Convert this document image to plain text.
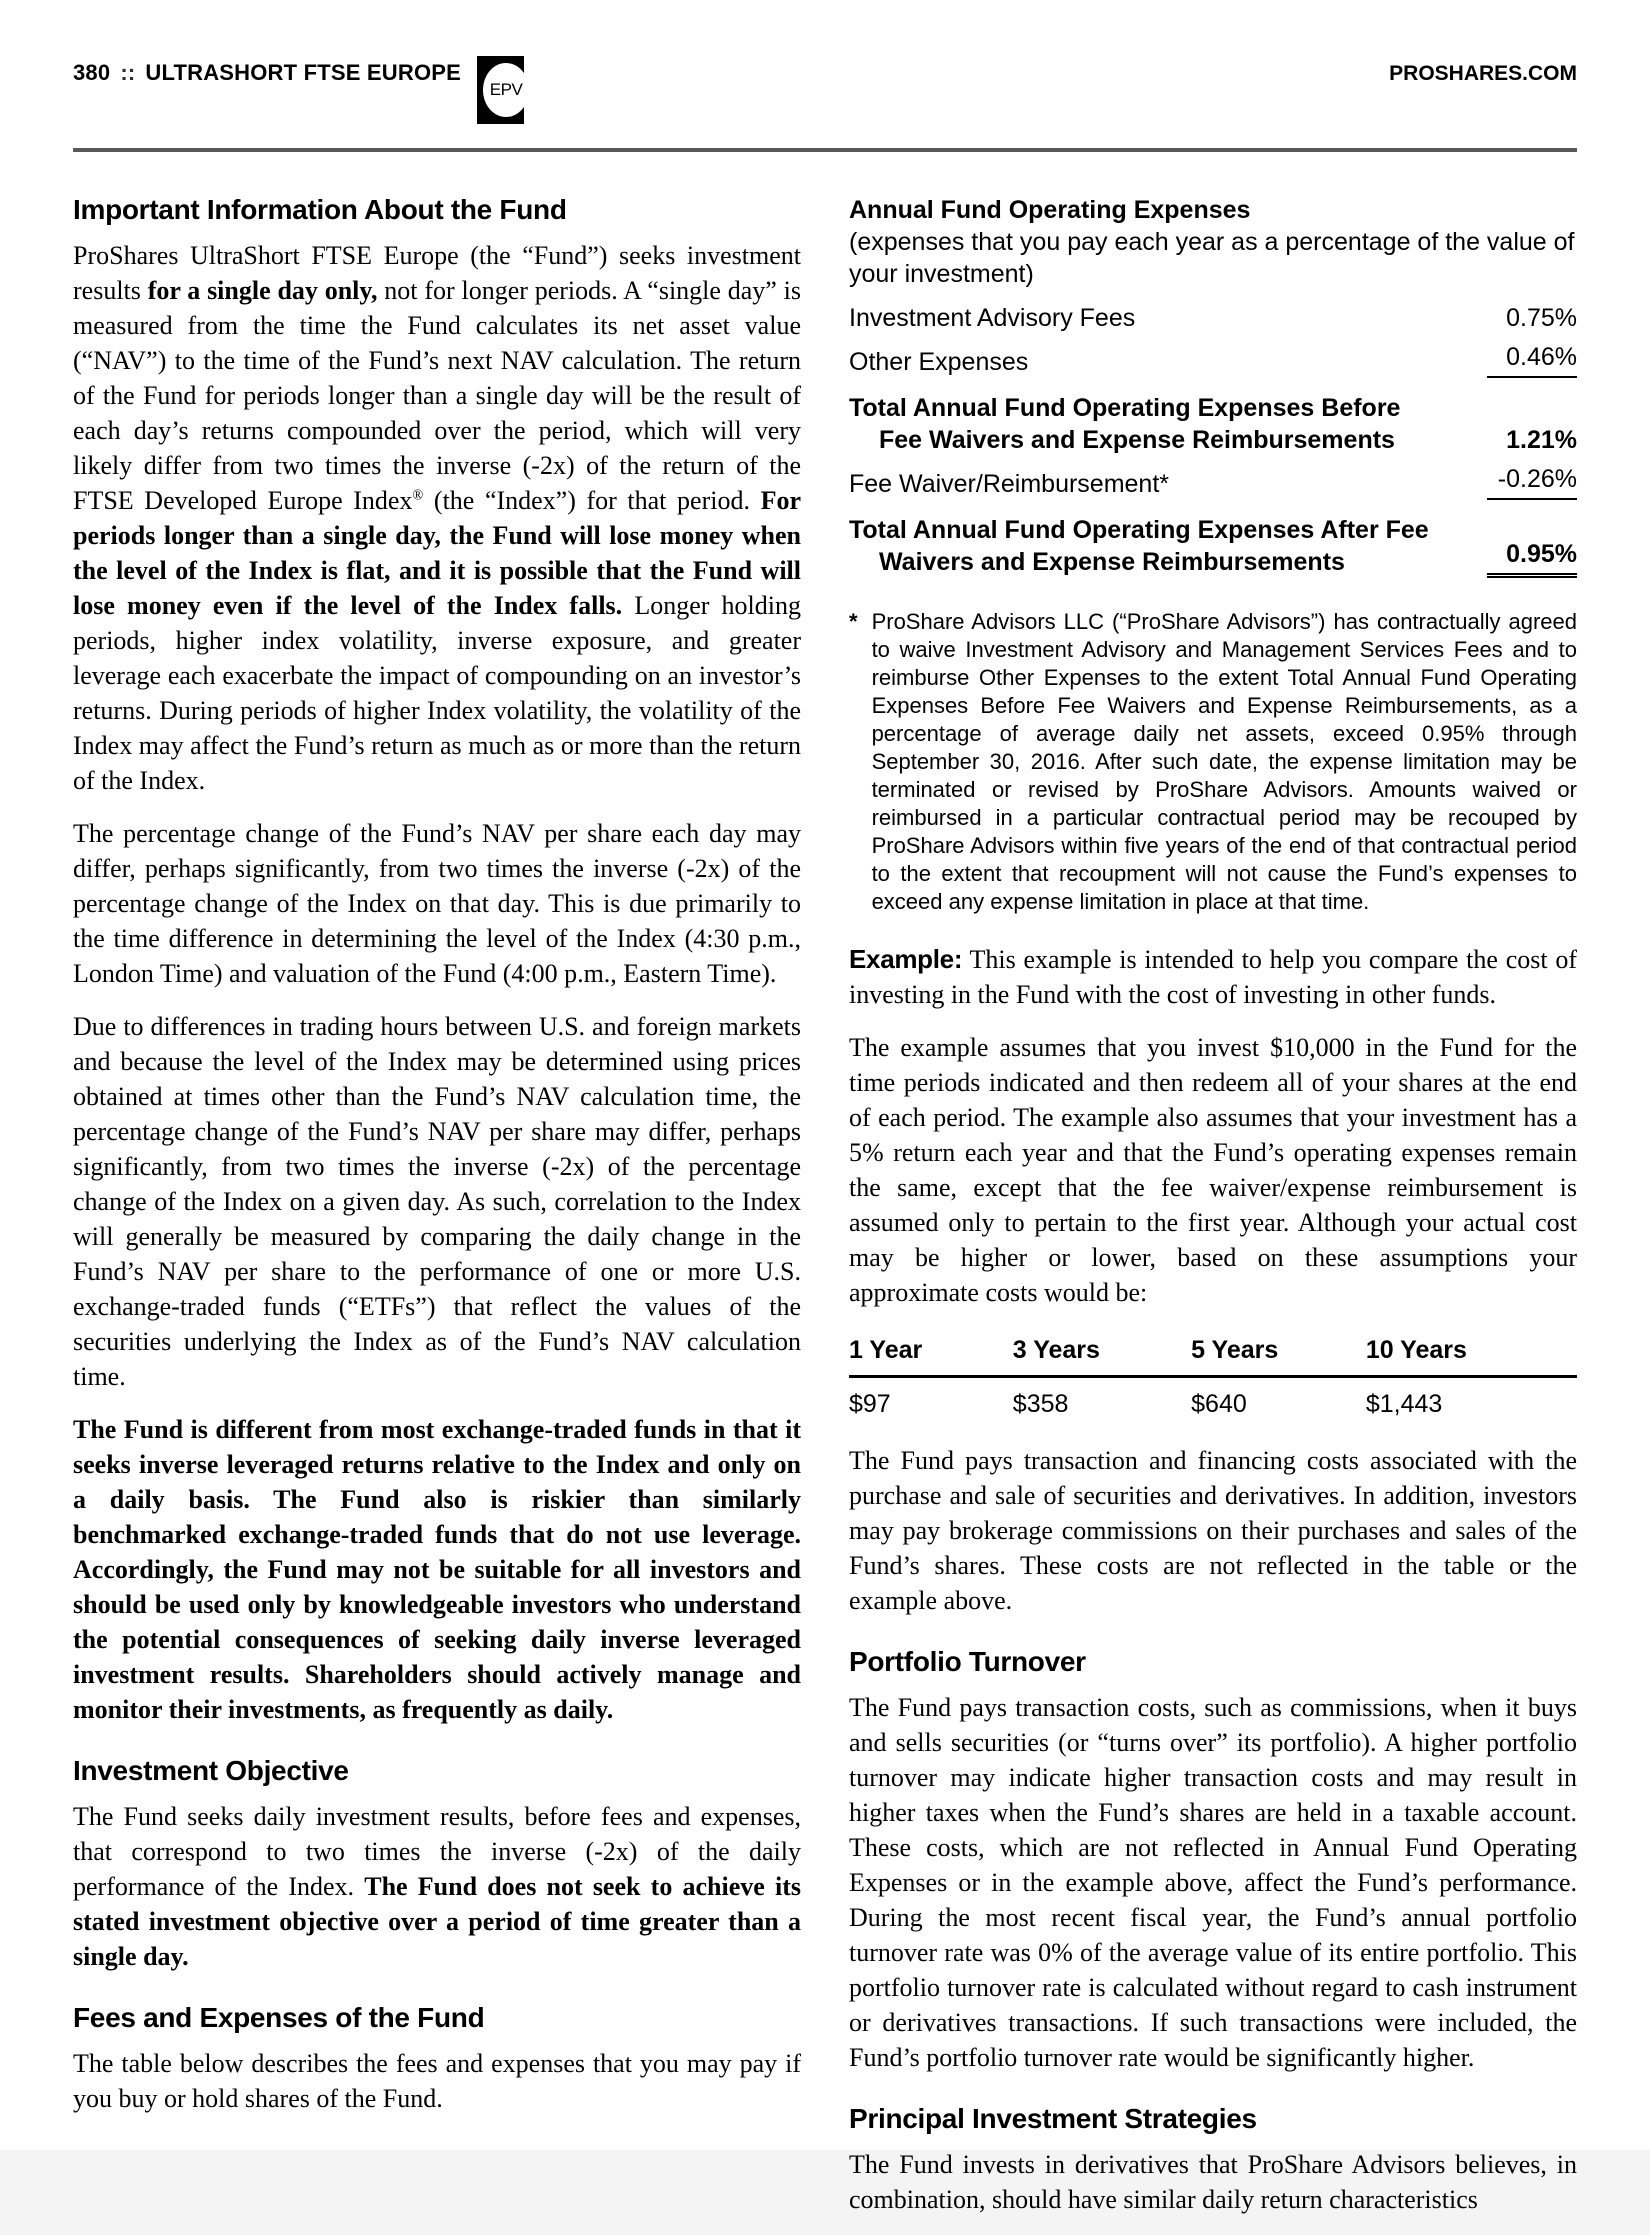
380 :: ULTRASHORT FTSE EUROPE
EPV
PROSHARES.COM
Important Information About the Fund

ProShares UltraShort FTSE Europe (the “Fund”) seeks investment results for a single day only, not for longer periods. A “single day” is measured from the time the Fund calculates its net asset value (“NAV”) to the time of the Fund’s next NAV calculation. The return of the Fund for periods longer than a single day will be the result of each day’s returns compounded over the period, which will very likely differ from two times the inverse (-2x) of the return of the FTSE Developed Europe Index® (the “Index”) for that period. For periods longer than a single day, the Fund will lose money when the level of the Index is flat, and it is possible that the Fund will lose money even if the level of the Index falls. Longer holding periods, higher index volatility, inverse exposure, and greater leverage each exacerbate the impact of compounding on an investor’s returns. During periods of higher Index volatility, the volatility of the Index may affect the Fund’s return as much as or more than the return of the Index.

The percentage change of the Fund’s NAV per share each day may differ, perhaps significantly, from two times the inverse (-2x) of the percentage change of the Index on that day. This is due primarily to the time difference in determining the level of the Index (4:30 p.m., London Time) and valuation of the Fund (4:00 p.m., Eastern Time).

Due to differences in trading hours between U.S. and foreign markets and because the level of the Index may be determined using prices obtained at times other than the Fund’s NAV calculation time, the percentage change of the Fund’s NAV per share may differ, perhaps significantly, from two times the inverse (-2x) of the percentage change of the Index on a given day. As such, correlation to the Index will generally be measured by comparing the daily change in the Fund’s NAV per share to the performance of one or more U.S. exchange-traded funds (“ETFs”) that reflect the values of the securities underlying the Index as of the Fund’s NAV calculation time.

The Fund is different from most exchange-traded funds in that it seeks inverse leveraged returns relative to the Index and only on a daily basis. The Fund also is riskier than similarly benchmarked exchange-traded funds that do not use leverage. Accordingly, the Fund may not be suitable for all investors and should be used only by knowledgeable investors who understand the potential consequences of seeking daily inverse leveraged investment results. Shareholders should actively manage and monitor their investments, as frequently as daily.

Investment Objective

The Fund seeks daily investment results, before fees and expenses, that correspond to two times the inverse (-2x) of the daily performance of the Index. The Fund does not seek to achieve its stated investment objective over a period of time greater than a single day.

Fees and Expenses of the Fund

The table below describes the fees and expenses that you may pay if you buy or hold shares of the Fund.

Annual Fund Operating Expenses

(expenses that you pay each year as a percentage of the value of your investment)

Investment Advisory Fees	0.75%
Other Expenses	0.46%
Total Annual Fund Operating Expenses Before
Fee Waivers and Expense Reimbursements	1.21%
Fee Waiver/Reimbursement*	-0.26%
Total Annual Fund Operating Expenses After Fee
Waivers and Expense Reimbursements	0.95%
* ProShare Advisors LLC (“ProShare Advisors”) has contractually agreed to waive Investment Advisory and Management Services Fees and to reimburse Other Expenses to the extent Total Annual Fund Operating Expenses Before Fee Waivers and Expense Reimbursements, as a percentage of average daily net assets, exceed 0.95% through September 30, 2016. After such date, the expense limitation may be terminated or revised by ProShare Advisors. Amounts waived or reimbursed in a particular contractual period may be recouped by ProShare Advisors within five years of the end of that contractual period to the extent that recoupment will not cause the Fund’s expenses to exceed any expense limitation in place at that time.

Example: This example is intended to help you compare the cost of investing in the Fund with the cost of investing in other funds.

The example assumes that you invest $10,000 in the Fund for the time periods indicated and then redeem all of your shares at the end of each period. The example also assumes that your investment has a 5% return each year and that the Fund’s operating expenses remain the same, except that the fee waiver/expense reimbursement is assumed only to pertain to the first year. Although your actual cost may be higher or lower, based on these assumptions your approximate costs would be:

1 Year	3 Years	5 Years	10 Years
$97	$358	$640	$1,443

The Fund pays transaction and financing costs associated with the purchase and sale of securities and derivatives. In addition, investors may pay brokerage commissions on their purchases and sales of the Fund’s shares. These costs are not reflected in the table or the example above.

Portfolio Turnover

The Fund pays transaction costs, such as commissions, when it buys and sells securities (or “turns over” its portfolio). A higher portfolio turnover may indicate higher transaction costs and may result in higher taxes when the Fund’s shares are held in a taxable account. These costs, which are not reflected in Annual Fund Operating Expenses or in the example above, affect the Fund’s performance. During the most recent fiscal year, the Fund’s annual portfolio turnover rate was 0% of the average value of its entire portfolio. This portfolio turnover rate is calculated without regard to cash instrument or derivatives transactions. If such transactions were included, the Fund’s portfolio turnover rate would be significantly higher.

Principal Investment Strategies

The Fund invests in derivatives that ProShare Advisors believes, in combination, should have similar daily return characteristics
